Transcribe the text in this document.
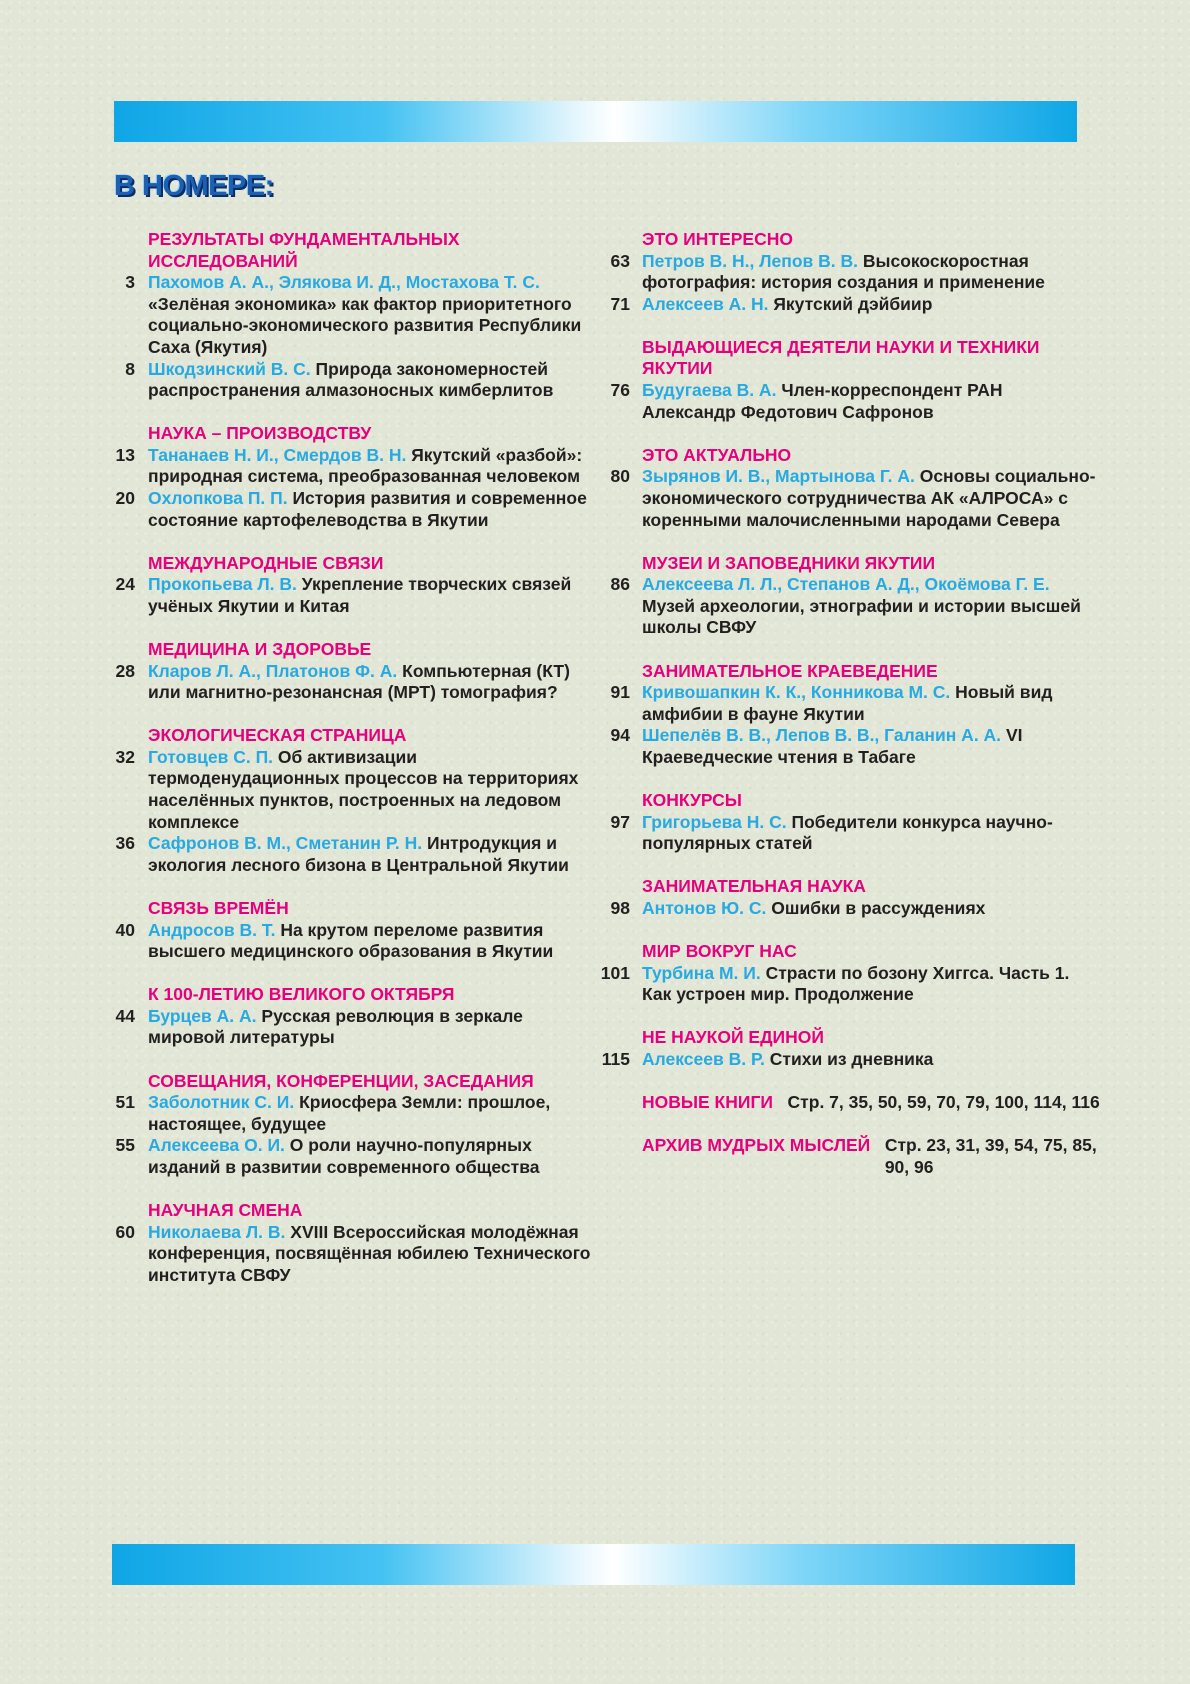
В НОМЕРЕ:
РЕЗУЛЬТАТЫ ФУНДАМЕНТАЛЬНЫХ ИССЛЕДОВАНИЙ
3 Пахомов А. А., Элякова И. Д., Мостахова Т. С. «Зелёная экономика» как фактор приоритетного социально-экономического развития Республики Саха (Якутия)
8 Шкодзинский В. С. Природа закономерностей распространения алмазоносных кимберлитов
НАУКА – ПРОИЗВОДСТВУ
13 Тананаев Н. И., Смердов В. Н. Якутский «разбой»: природная система, преобразованная человеком
20 Охлопкова П. П. История развития и современное состояние картофелеводства в Якутии
МЕЖДУНАРОДНЫЕ СВЯЗИ
24 Прокопьева Л. В. Укрепление творческих связей учёных Якутии и Китая
МЕДИЦИНА И ЗДОРОВЬЕ
28 Кларов Л. А., Платонов Ф. А. Компьютерная (КТ) или магнитно-резонансная (МРТ) томография?
ЭКОЛОГИЧЕСКАЯ СТРАНИЦА
32 Готовцев С. П. Об активизации термоденудационных процессов на территориях населённых пунктов, построенных на ледовом комплексе
36 Сафронов В. М., Сметанин Р. Н. Интродукция и экология лесного бизона в Центральной Якутии
СВЯЗЬ ВРЕМЁН
40 Андросов В. Т. На крутом переломе развития высшего медицинского образования в Якутии
К 100-ЛЕТИЮ ВЕЛИКОГО ОКТЯБРЯ
44 Бурцев А. А. Русская революция в зеркале мировой литературы
СОВЕЩАНИЯ, КОНФЕРЕНЦИИ, ЗАСЕДАНИЯ
51 Заболотник С. И. Криосфера Земли: прошлое, настоящее, будущее
55 Алексеева О. И. О роли научно-популярных изданий в развитии современного общества
НАУЧНАЯ СМЕНА
60 Николаева Л. В. XVIII Всероссийская молодёжная конференция, посвящённая юбилею Технического института СВФУ
ЭТО ИНТЕРЕСНО
63 Петров В. Н., Лепов В. В. Высокоскоростная фотография: история создания и применение
71 Алексеев А. Н. Якутский дэйбиир
ВЫДАЮЩИЕСЯ ДЕЯТЕЛИ НАУКИ И ТЕХНИКИ ЯКУТИИ
76 Будугаева В. А. Член-корреспондент РАН Александр Федотович Сафронов
ЭТО АКТУАЛЬНО
80 Зырянов И. В., Мартынова Г. А. Основы социально-экономического сотрудничества АК «АЛРОСА» с коренными малочисленными народами Севера
МУЗЕИ И ЗАПОВЕДНИКИ ЯКУТИИ
86 Алексеева Л. Л., Степанов А. Д., Окоёмова Г. Е. Музей археологии, этнографии и истории высшей школы СВФУ
ЗАНИМАТЕЛЬНОЕ КРАЕВЕДЕНИЕ
91 Кривошапкин К. К., Конникова М. С. Новый вид амфибии в фауне Якутии
94 Шепелёв В. В., Лепов В. В., Галанин А. А. VI Краеведческие чтения в Табаге
КОНКУРСЫ
97 Григорьева Н. С. Победители конкурса научно-популярных статей
ЗАНИМАТЕЛЬНАЯ НАУКА
98 Антонов Ю. С. Ошибки в рассуждениях
МИР ВОКРУГ НАС
101 Турбина М. И. Страсти по бозону Хиггса. Часть 1. Как устроен мир. Продолжение
НЕ НАУКОЙ ЕДИНОЙ
115 Алексеев В. Р. Стихи из дневника
НОВЫЕ КНИГИ
Стр. 7, 35, 50, 59, 70, 79, 100, 114, 116
АРХИВ МУДРЫХ МЫСЛЕЙ
Стр. 23, 31, 39, 54, 75, 85, 90, 96
